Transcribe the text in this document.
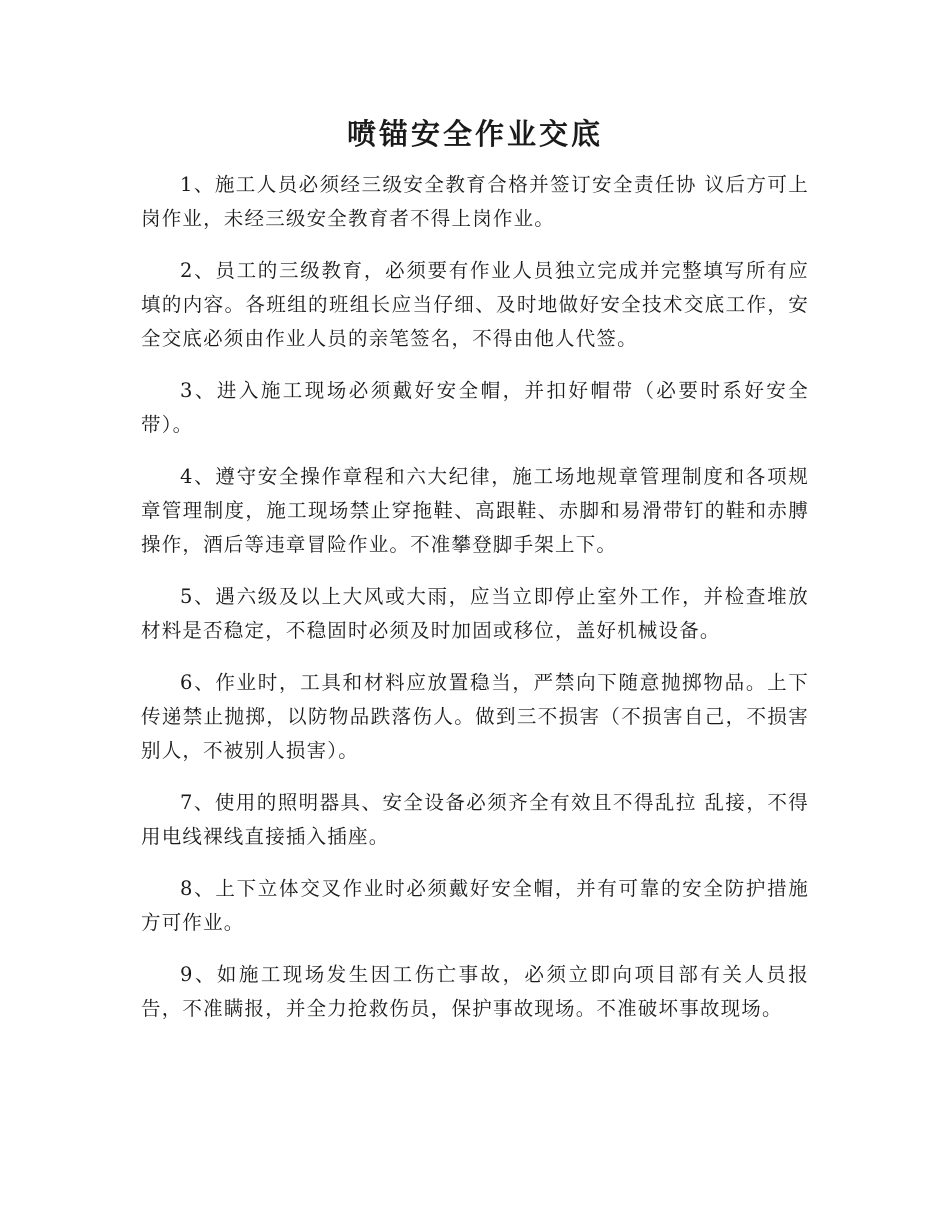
喷锚安全作业交底

1、施工人员必须经三级安全教育合格并签订安全责任协 议后方可上岗作业，未经三级安全教育者不得上岗作业。

2、员工的三级教育，必须要有作业人员独立完成并完整填写所有应填的内容。各班组的班组长应当仔细、及时地做好安全技术交底工作，安全交底必须由作业人员的亲笔签名，不得由他人代签。

3、进入施工现场必须戴好安全帽，并扣好帽带（必要时系好安全带）。

4、遵守安全操作章程和六大纪律，施工场地规章管理制度和各项规章管理制度，施工现场禁止穿拖鞋、高跟鞋、赤脚和易滑带钉的鞋和赤膊操作，酒后等违章冒险作业。不准攀登脚手架上下。

5、遇六级及以上大风或大雨，应当立即停止室外工作，并检查堆放材料是否稳定，不稳固时必须及时加固或移位，盖好机械设备。

6、作业时，工具和材料应放置稳当，严禁向下随意抛掷物品。上下传递禁止抛掷，以防物品跌落伤人。做到三不损害（不损害自己，不损害别人，不被别人损害）。

7、使用的照明器具、安全设备必须齐全有效且不得乱拉 乱接，不得用电线裸线直接插入插座。

8、上下立体交叉作业时必须戴好安全帽，并有可靠的安全防护措施方可作业。

9、如施工现场发生因工伤亡事故，必须立即向项目部有关人员报告，不准瞒报，并全力抢救伤员，保护事故现场。不准破坏事故现场。
